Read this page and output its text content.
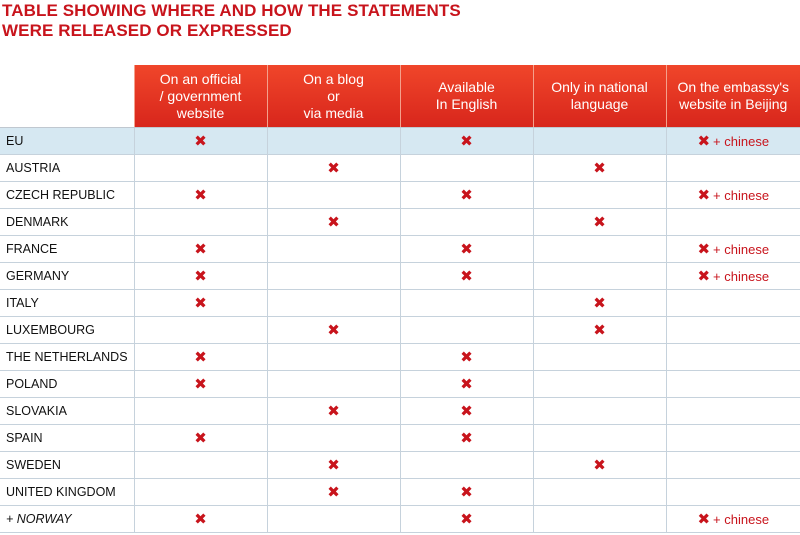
TABLE SHOWING WHERE AND HOW THE STATEMENTS
WERE RELEASED OR EXPRESSED
	On an official
/ government
website	On a blog
or
via media	Available
In English	Only in national
language	On the embassy's
website in Beijing
EU	✖		✖		✖ + chinese
AUSTRIA		✖		✖	
CZECH REPUBLIC	✖		✖		✖ + chinese
DENMARK		✖		✖	
FRANCE	✖		✖		✖ + chinese
GERMANY	✖		✖		✖ + chinese
ITALY	✖			✖	
LUXEMBOURG		✖		✖	
THE NETHERLANDS	✖		✖		
POLAND	✖		✖		
SLOVAKIA		✖	✖		
SPAIN	✖		✖		
SWEDEN		✖		✖	
UNITED KINGDOM		✖	✖		
+ NORWAY	✖		✖		✖ + chinese
